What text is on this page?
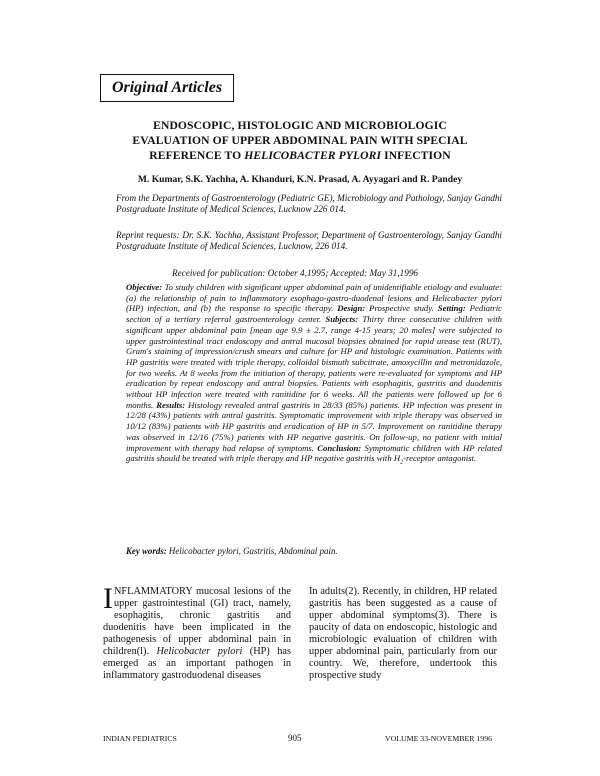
Original Articles
ENDOSCOPIC, HISTOLOGIC AND MICROBIOLOGIC
EVALUATION OF UPPER ABDOMINAL PAIN WITH SPECIAL
REFERENCE TO HELICOBACTER PYLORI INFECTION
M. Kumar, S.K. Yachha, A. Khanduri, K.N. Prasad, A. Ayyagari and R. Pandey
From the Departments of Gastroenterology (Pediatric GE), Microbiology and Pathology, Sanjay Gandhi Postgraduate Institute of Medical Sciences, Lucknow 226 014.
Reprint requests: Dr. S.K. Yachha, Assistant Professor, Department of Gastroenterology, Sanjay Gandhi Postgraduate Institute of Medical Sciences, Lucknow, 226 014.
Received for publication: October 4,1995; Accepted: May 31,1996
Objective: To study children with significant upper abdominal pain of unidentifiable etiology and evaluate: (a) the relationship of pain to inflammatory esophago-gastro-duodenal lesions and Helicobacter pylori (HP) infection, and (b) the response to specific therapy. Design: Prospective study. Setting: Pediatric section of a tertiary referral gastroenterology center. Subjects: Thirty three consecutive children with significant upper abdominal pain [mean age 9.9 ± 2.7, range 4-15 years; 20 males] were subjected to upper gastrointestinal tract endoscopy and antral mucosal biopsies obtained for rapid urease test (RUT), Gram's staining of impression/crush smears and culture for HP and histologic examination. Patients with HP gastritis were treated with triple therapy, colloidal bismuth subcitrate, amoxycillin and metronidazole, for two weeks. At 8 weeks from the initiation of therapy, patients were re-evaluated for symptoms and HP eradication by repeat endoscopy and antral biopsies. Patients with esophagitis, gastritis and duodenitis without HP infection were treated with ranitidine for 6 weeks. All the patients were followed up for 6 months. Results: Histology revealed antral gastritis in 28/33 (85%) patients. HP infection was present in 12/28 (43%) patients with antral gastritis. Symptomatic improvement with triple therapy was observed in 10/12 (83%) patients with HP gastritis and eradication of HP in 5/7. Improvement on ranitidine therapy was observed in 12/16 (75%) patients with HP negative gastritis. On follow-up, no patient with initial improvement with therapy had relapse of symptoms. Conclusion: Symptomatic children with HP related gastritis should be treated with triple therapy and HP negative gastritis with $H_2$-receptor antagonist.
Key words: Helicobacter pylori, Gastritis, Abdominal pain.
INFLAMMATORY mucosal lesions of the upper gastrointestinal (GI) tract, namely, esophagitis, chronic gastritis and duodenitis have been implicated in the pathogenesis of upper abdominal pain in children(l). Helicobacter pylori (HP) has emerged as an important pathogen in inflammatory gastroduodenal diseases
In adults(2). Recently, in children, HP related gastritis has been suggested as a cause of upper abdominal symptoms(3). There is paucity of data on endoscopic, histologic and microbiologic evaluation of children with upper abdominal pain, particularly from our country. We, therefore, undertook this prospective study
INDIAN PEDIATRICS	905	VOLUME 33-NOVEMBER 1996
